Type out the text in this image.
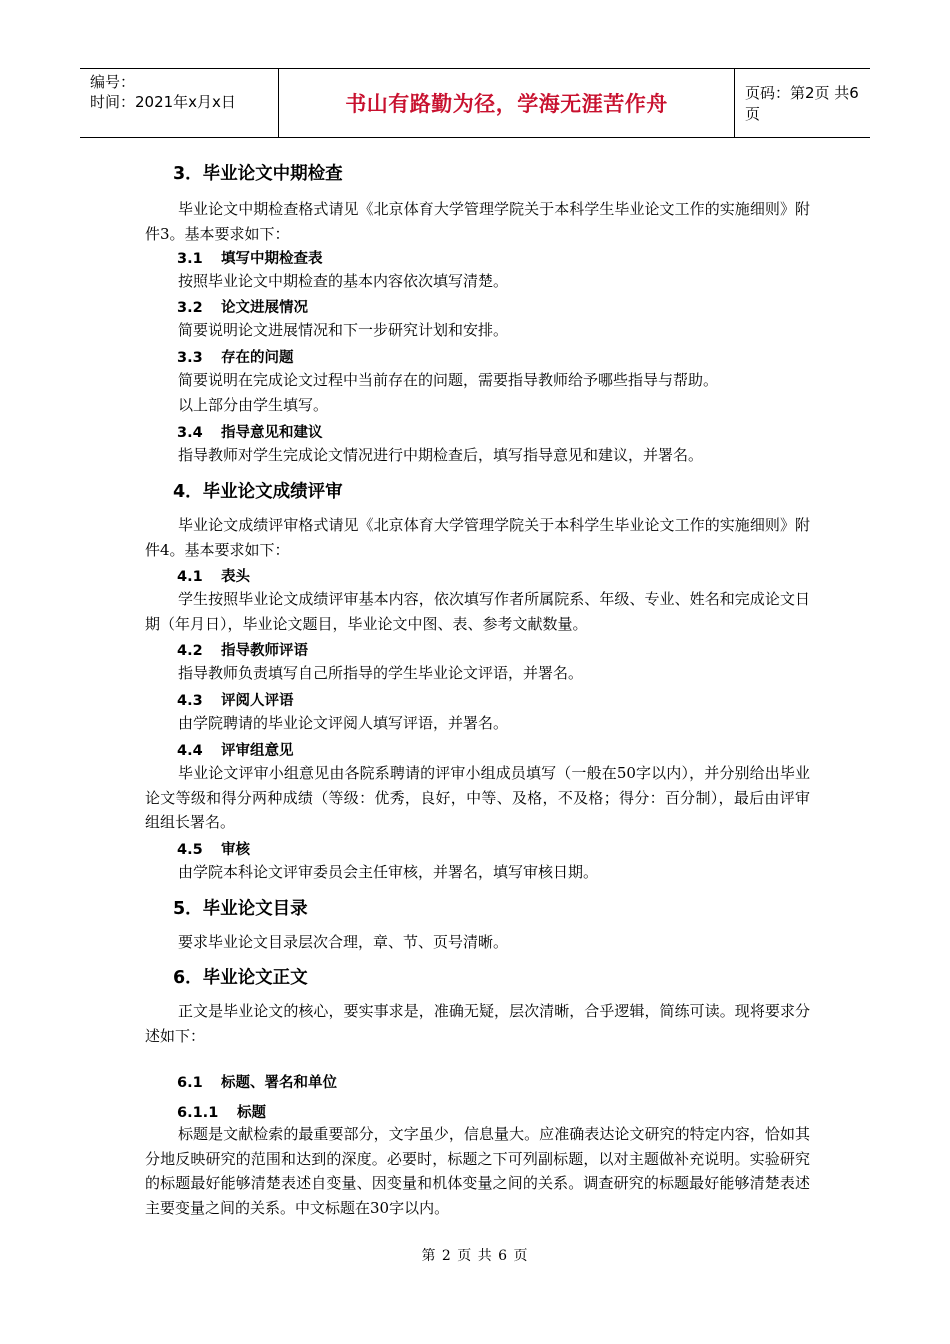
编号：
时间：2021年x月x日	书山有路勤为径，学海无涯苦作舟	页码：第2页 共6页
3．毕业论文中期检查
毕业论文中期检查格式请见《北京体育大学管理学院关于本科学生毕业论文工作的实施细则》附件3。基本要求如下：
3.1 填写中期检查表
按照毕业论文中期检查的基本内容依次填写清楚。
3.2 论文进展情况
简要说明论文进展情况和下一步研究计划和安排。
3.3 存在的问题
简要说明在完成论文过程中当前存在的问题，需要指导教师给予哪些指导与帮助。
以上部分由学生填写。
3.4 指导意见和建议
指导教师对学生完成论文情况进行中期检查后，填写指导意见和建议，并署名。
4．毕业论文成绩评审
毕业论文成绩评审格式请见《北京体育大学管理学院关于本科学生毕业论文工作的实施细则》附件4。基本要求如下：
4.1 表头
学生按照毕业论文成绩评审基本内容，依次填写作者所属院系、年级、专业、姓名和完成论文日期（年月日），毕业论文题目，毕业论文中图、表、参考文献数量。
4.2 指导教师评语
指导教师负责填写自己所指导的学生毕业论文评语，并署名。
4.3 评阅人评语
由学院聘请的毕业论文评阅人填写评语，并署名。
4.4 评审组意见
毕业论文评审小组意见由各院系聘请的评审小组成员填写（一般在50字以内），并分别给出毕业论文等级和得分两种成绩（等级：优秀，良好，中等、及格，不及格；得分：百分制），最后由评审组组长署名。
4.5 审核
由学院本科论文评审委员会主任审核，并署名，填写审核日期。
5．毕业论文目录
要求毕业论文目录层次合理，章、节、页号清晰。
6．毕业论文正文
正文是毕业论文的核心，要实事求是，准确无疑，层次清晰，合乎逻辑，简练可读。现将要求分述如下：
6.1 标题、署名和单位
6.1.1 标题
标题是文献检索的最重要部分，文字虽少，信息量大。应准确表达论文研究的特定内容，恰如其分地反映研究的范围和达到的深度。必要时，标题之下可列副标题，以对主题做补充说明。实验研究的标题最好能够清楚表述自变量、因变量和机体变量之间的关系。调查研究的标题最好能够清楚表述主要变量之间的关系。中文标题在30字以内。
第 2 页 共 6 页
